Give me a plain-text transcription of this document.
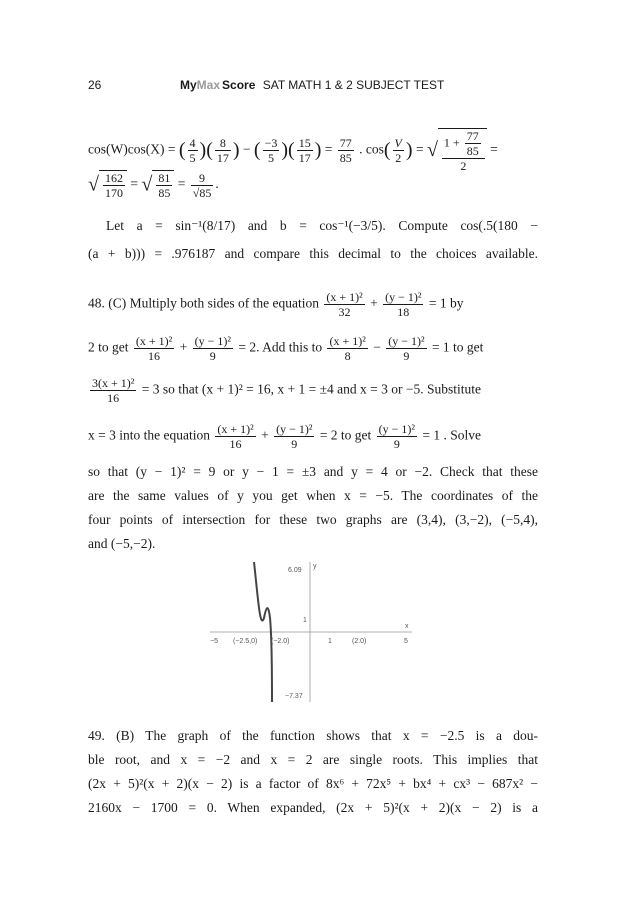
26	MyMax Score SAT MATH 1 & 2 SUBJECT TEST
cos(W)cos(X) = ( $\frac{4}{5}$ )( $\frac{8}{17}$ ) − ( $\frac{-3}{5}$ )( $\frac{15}{17}$ ) = $\frac{77}{85}$ . $\cos( \frac{V}{2}$ ) = √ $\frac{1 + \frac{77}{85}}{2}$ =
√ $\frac{162}{170}$ = √ $\frac{81}{85} = \frac{9}{√85}$ .
Let a = sin⁻¹(8/17) and b = cos⁻¹(−3/5). Compute cos(.5(180 −
(a + b))) = .976187 and compare this decimal to the choices available.
48. (C) Multiply both sides of the equation $\frac{\text{(x + 1)²}}{32} + \frac{\text{(y − 1)²}}{18} = 1$ by
2 to get $\frac{\text{(x + 1)²}}{16} + \frac{\text{(y − 1)²}}{9} = 2$. Add this to $\frac{\text{(x + 1)²}}{8} - \frac{\text{(y − 1)²}}{9} = 1$ to get
$\frac{\text{3(x + 1)²}}{16} = 3$ so that (x + 1)² = 16, x + 1 = ±4 and x = 3 or −5. Substitute
x = 3 into the equation $\frac{\text{(x + 1)²}}{16} + \frac{\text{(y − 1)²}}{9} = 2$ to get $\frac{\text{(y − 1)²}}{9} = 1$ . Solve
so that (y − 1)² = 9 or y − 1 = ±3 and y = 4 or −2. Check that these
are the same values of y you get when x = −5. The coordinates of the
four points of intersection for these two graphs are (3,4), (3,−2), (−5,4),
and (−5,−2).
6.09
y
x
−5 (−2.5,0) (−2.0)
1
1	(2.0)	5
−7.37
49. (B) The graph of the function shows that x = −2.5 is a dou-
ble root, and x = −2 and x = 2 are single roots. This implies that
(2x + 5)²(x + 2)(x − 2) is a factor of 8x⁶ + 72x⁵ + bx⁴ + cx³ − 687x² −
2160x − 1700 = 0. When expanded, (2x + 5)²(x + 2)(x − 2) is a
